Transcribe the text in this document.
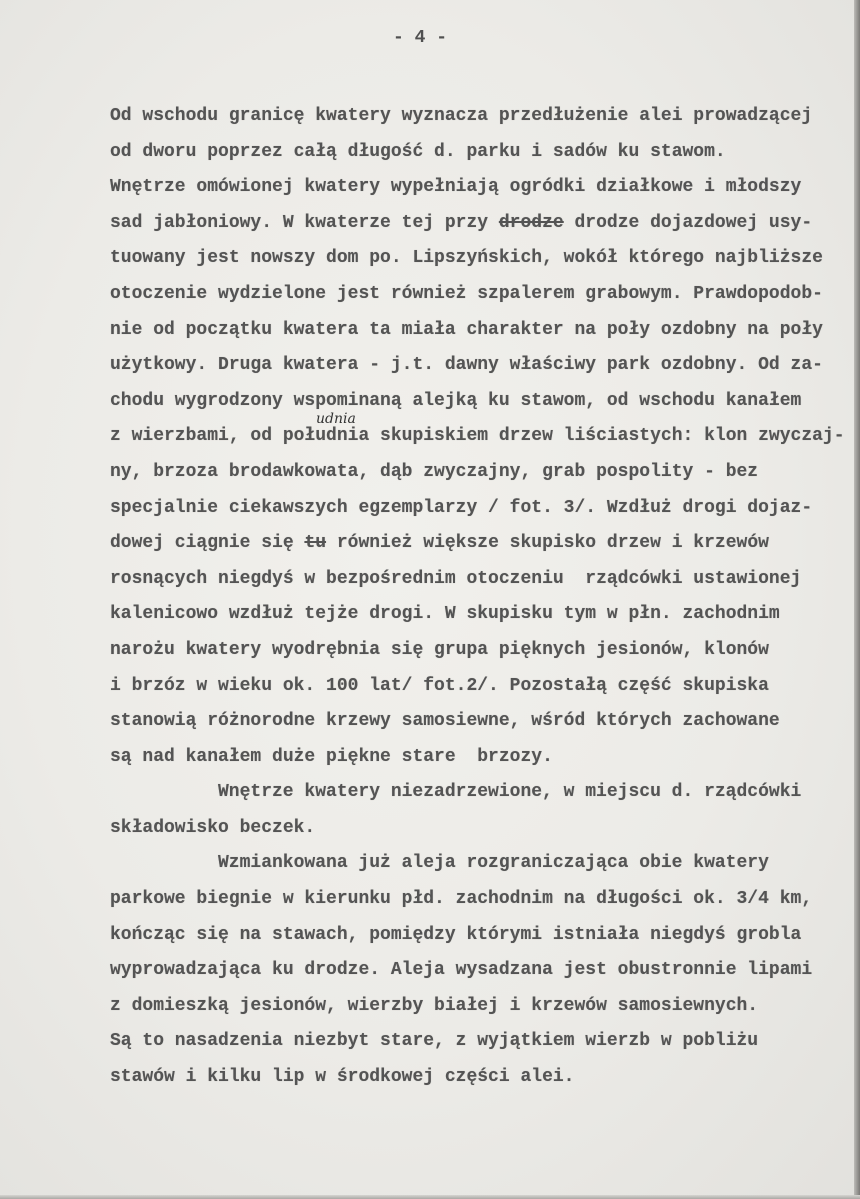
- 4 -
Od wschodu granicę kwatery wyznacza przedłużenie alei prowadzącej
od dworu poprzez całą długość d. parku i sadów ku stawom.
Wnętrze omówionej kwatery wypełniają ogródki działkowe i młodszy
sad jabłoniowy. W kwaterze tej przy drodze drodze dojazdowej usy-
tuowany jest nowszy dom po. Lipszyńskich, wokół którego najbliższe
otoczenie wydzielone jest również szpalerem grabowym. Prawdopodob-
nie od początku kwatera ta miała charakter na poły ozdobny na poły
użytkowy. Druga kwatera - j.t. dawny właściwy park ozdobny. Od za-
chodu wygrodzony wspominaną alejką ku stawom, od wschodu kanałem
z wierzbami, od południa skupiskiem drzew liściastych: klon zwyczaj-
udnia
ny, brzoza brodawkowata, dąb zwyczajny, grab pospolity - bez
specjalnie ciekawszych egzemplarzy / fot. 3/. Wzdłuż drogi dojaz-
dowej ciągnie się tu również większe skupisko drzew i krzewów
rosnących niegdyś w bezpośrednim otoczeniu  rządcówki ustawionej
kalenicowo wzdłuż tejże drogi. W skupisku tym w płn. zachodnim
narożu kwatery wyodrębnia się grupa pięknych jesionów, klonów
i brzóz w wieku ok. 100 lat/ fot.2/. Pozostałą część skupiska
stanowią różnorodne krzewy samosiewne, wśród których zachowane
są nad kanałem duże piękne stare  brzozy.
Wnętrze kwatery niezadrzewione, w miejscu d. rządcówki
składowisko beczek.
Wzmiankowana już aleja rozgraniczająca obie kwatery
parkowe biegnie w kierunku płd. zachodnim na długości ok. 3/4 km,
kończąc się na stawach, pomiędzy którymi istniała niegdyś grobla
wyprowadzająca ku drodze. Aleja wysadzana jest obustronnie lipami
z domieszką jesionów, wierzby białej i krzewów samosiewnych.
Są to nasadzenia niezbyt stare, z wyjątkiem wierzb w pobliżu
stawów i kilku lip w środkowej części alei.
